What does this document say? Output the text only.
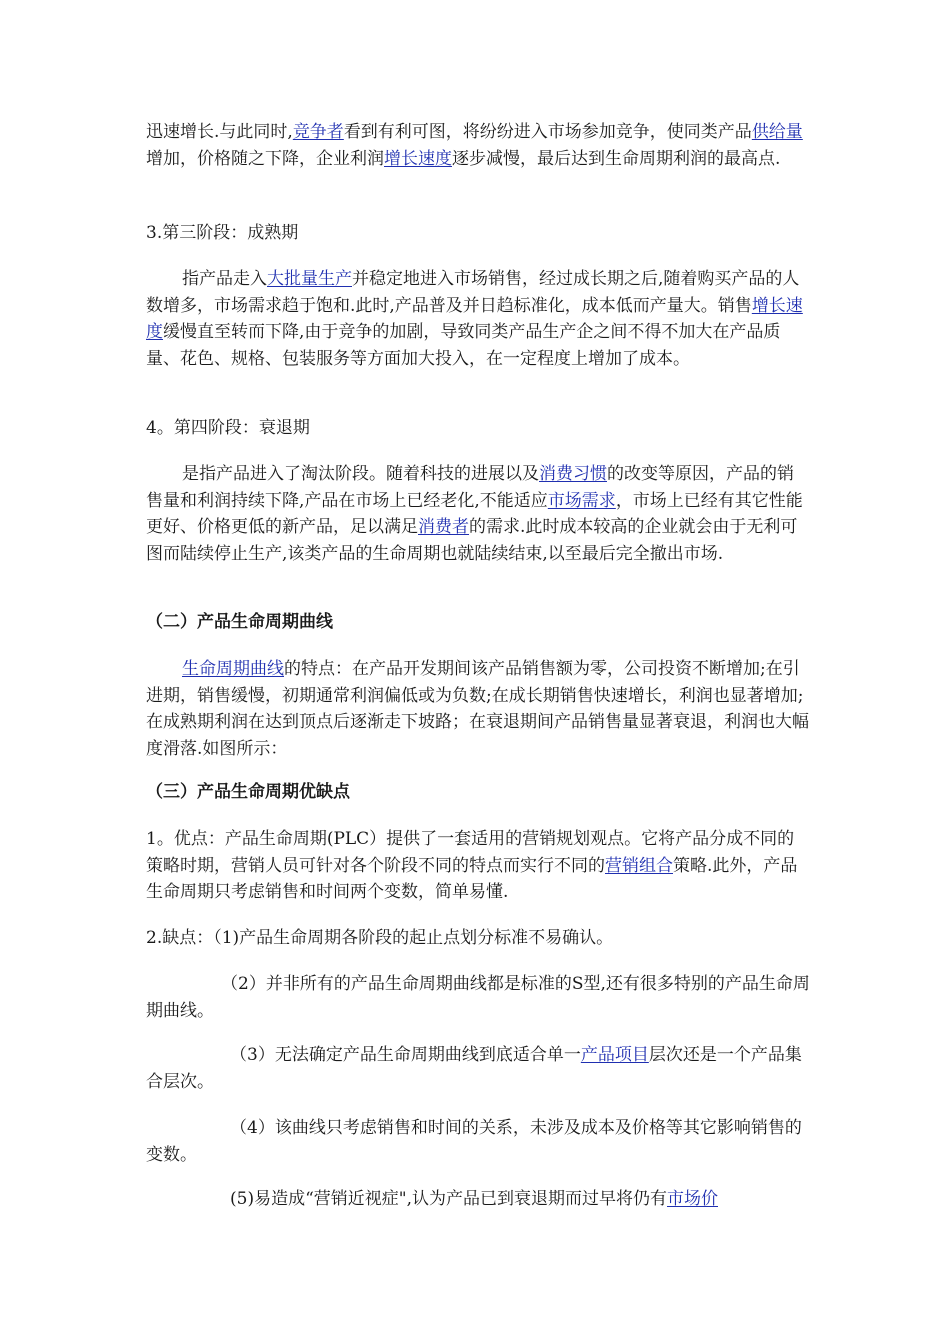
迅速增长.与此同时,竞争者看到有利可图，将纷纷进入市场参加竞争，使同类产品供给量增加，价格随之下降，企业利润增长速度逐步减慢，最后达到生命周期利润的最高点.

3.第三阶段：成熟期

指产品走入大批量生产并稳定地进入市场销售，经过成长期之后,随着购买产品的人数增多，市场需求趋于饱和.此时,产品普及并日趋标准化，成本低而产量大。销售增长速度缓慢直至转而下降,由于竞争的加剧，导致同类产品生产企之间不得不加大在产品质量、花色、规格、包装服务等方面加大投入，在一定程度上增加了成本。

4。第四阶段：衰退期

是指产品进入了淘汰阶段。随着科技的进展以及消费习惯的改变等原因，产品的销售量和利润持续下降,产品在市场上已经老化,不能适应市场需求，市场上已经有其它性能更好、价格更低的新产品，足以满足消费者的需求.此时成本较高的企业就会由于无利可图而陆续停止生产,该类产品的生命周期也就陆续结束,以至最后完全撤出市场.

（二）产品生命周期曲线

生命周期曲线的特点：在产品开发期间该产品销售额为零，公司投资不断增加;在引进期，销售缓慢，初期通常利润偏低或为负数;在成长期销售快速增长，利润也显著增加;在成熟期利润在达到顶点后逐渐走下坡路；在衰退期间产品销售量显著衰退，利润也大幅度滑落.如图所示：

（三）产品生命周期优缺点

1。优点：产品生命周期(PLC）提供了一套适用的营销规划观点。它将产品分成不同的策略时期，营销人员可针对各个阶段不同的特点而实行不同的营销组合策略.此外，产品生命周期只考虑销售和时间两个变数，简单易懂.

2.缺点：（1)产品生命周期各阶段的起止点划分标准不易确认。

（2）并非所有的产品生命周期曲线都是标准的S型,还有很多特别的产品生命周期曲线。

（3）无法确定产品生命周期曲线到底适合单一产品项目层次还是一个产品集合层次。

（4）该曲线只考虑销售和时间的关系，未涉及成本及价格等其它影响销售的变数。

(5)易造成“营销近视症",认为产品已到衰退期而过早将仍有市场价
